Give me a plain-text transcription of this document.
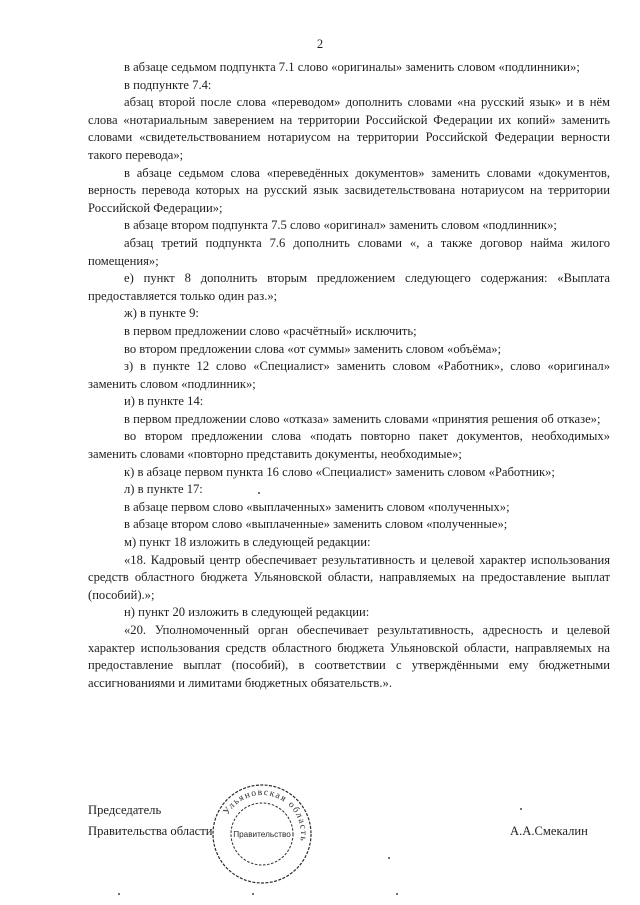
2

в абзаце седьмом подпункта 7.1 слово «оригиналы» заменить словом «подлинники»;

в подпункте 7.4:

абзац второй после слова «переводом» дополнить словами «на русский язык» и в нём слова «нотариальным заверением на территории Российской Федерации их копий» заменить словами «свидетельствованием нотариусом на территории Российской Федерации верности такого перевода»;

в абзаце седьмом слова «переведённых документов» заменить словами «документов, верность перевода которых на русский язык засвидетельствована нотариусом на территории Российской Федерации»;

в абзаце втором подпункта 7.5 слово «оригинал» заменить словом «подлинник»;

абзац третий подпункта 7.6 дополнить словами «, а также договор найма жилого помещения»;

е) пункт 8 дополнить вторым предложением следующего содержания: «Выплата предоставляется только один раз.»;

ж) в пункте 9:

в первом предложении слово «расчётный» исключить;

во втором предложении слова «от суммы» заменить словом «объёма»;

з) в пункте 12 слово «Специалист» заменить словом «Работник», слово «оригинал» заменить словом «подлинник»;

и) в пункте 14:

в первом предложении слово «отказа» заменить словами «принятия решения об отказе»;

во втором предложении слова «подать повторно пакет документов, необходимых» заменить словами «повторно представить документы, необходимые»;

к) в абзаце первом пункта 16 слово «Специалист» заменить словом «Работник»;

л) в пункте 17:

в абзаце первом слово «выплаченных» заменить словом «полученных»;

в абзаце втором слово «выплаченные» заменить словом «полученные»;

м) пункт 18 изложить в следующей редакции:

«18. Кадровый центр обеспечивает результативность и целевой характер использования средств областного бюджета Ульяновской области, направляемых на предоставление выплат (пособий).»;

н) пункт 20 изложить в следующей редакции:

«20. Уполномоченный орган обеспечивает результативность, адресность и целевой характер использования средств областного бюджета Ульяновской области, направляемых на предоставление выплат (пособий), в соответствии с утверждёнными ему бюджетными ассигнованиями и лимитами бюджетных обязательств.».

Председатель
Правительства области
Ульяновская область
Правительство	А.А.Смекалин
